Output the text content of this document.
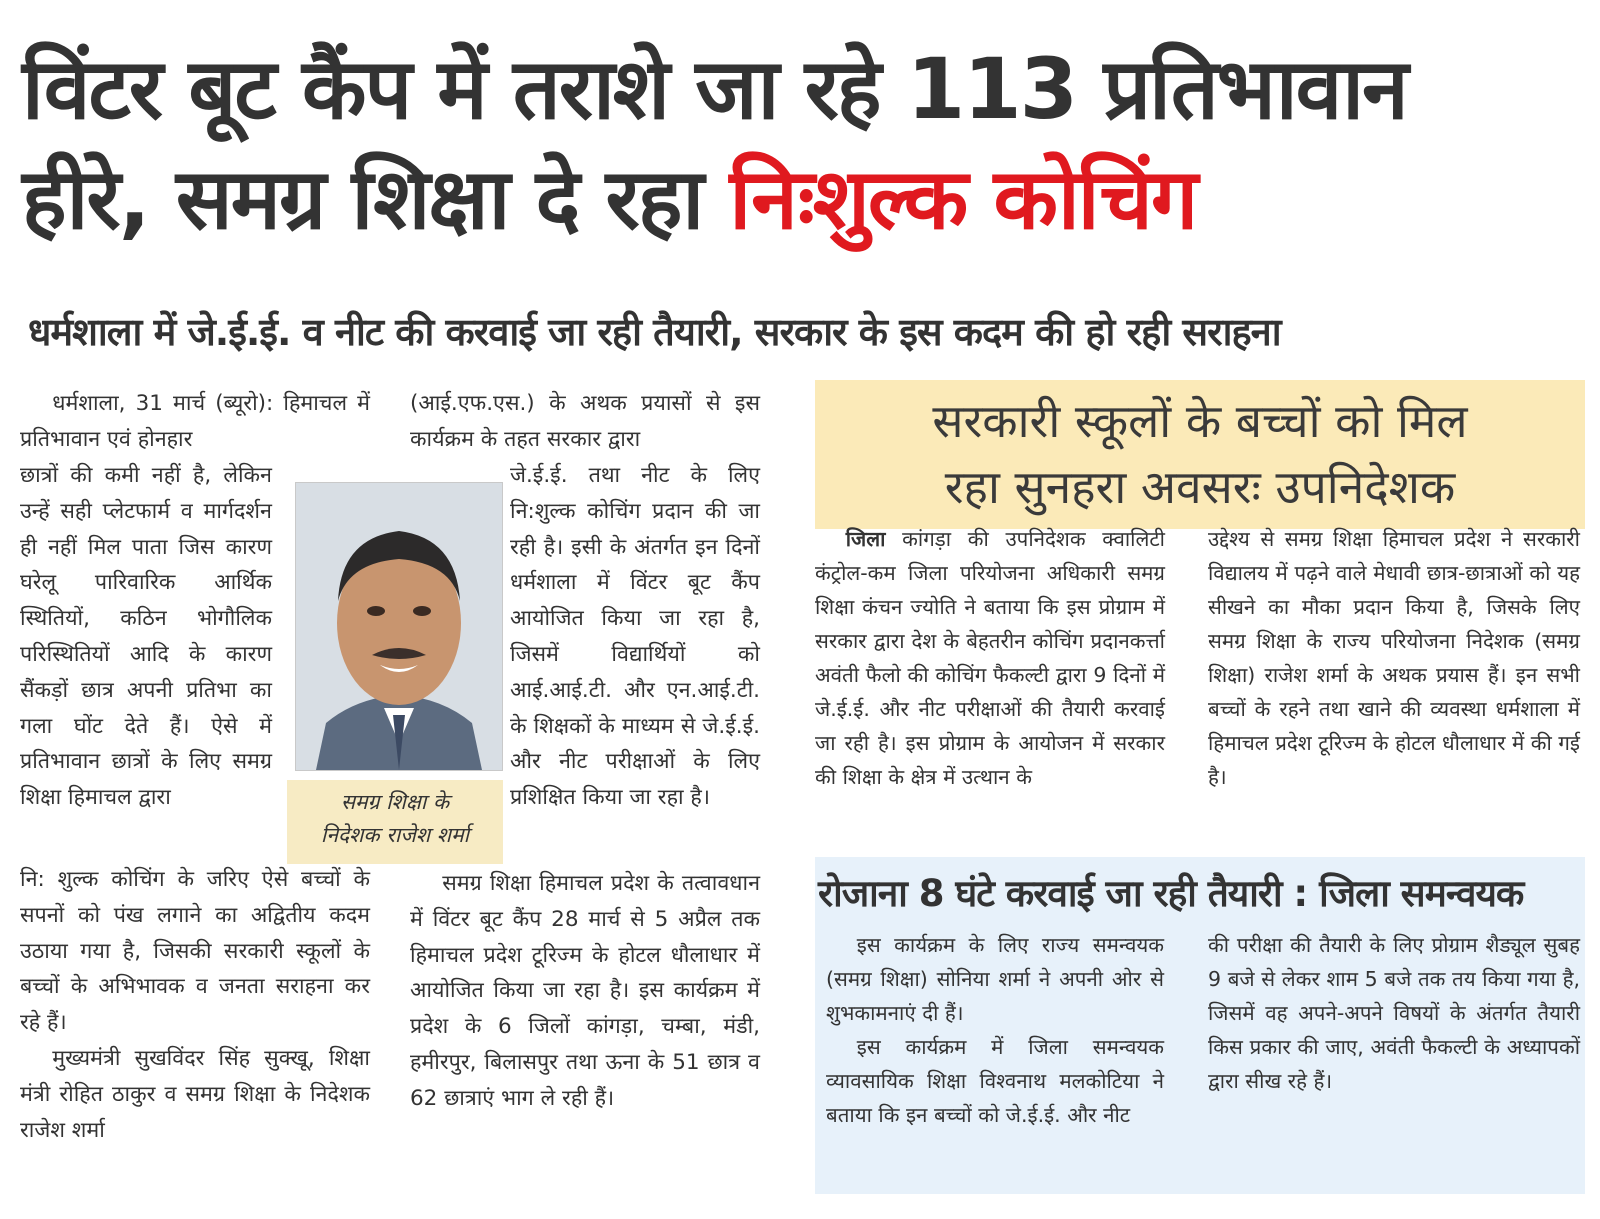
विंटर बूट कैंप में तराशे जा रहे 113 प्रतिभावान
हीरे, समग्र शिक्षा दे रहा निःशुल्क कोचिंग
धर्मशाला में जे.ई.ई. व नीट की करवाई जा रही तैयारी, सरकार के इस कदम की हो रही सराहना

धर्मशाला, 31 मार्च (ब्यूरो): हिमाचल में प्रतिभावान एवं होनहार

छात्रों की कमी नहीं है, लेकिन उन्हें सही प्लेटफार्म व मार्गदर्शन ही नहीं मिल पाता जिस कारण घरेलू पारिवारिक आर्थिक स्थितियों, कठिन भोगौलिक परिस्थितियों आदि के कारण सैंकड़ों छात्र अपनी प्रतिभा का गला घोंट देते हैं। ऐसे में प्रतिभावान छात्रों के लिए समग्र शिक्षा हिमाचल द्वारा

नि: शुल्क कोचिंग के जरिए ऐसे बच्चों के सपनों को पंख लगाने का अद्वितीय कदम उठाया गया है, जिसकी सरकारी स्कूलों के बच्चों के अभिभावक व जनता सराहना कर रहे हैं।

मुख्यमंत्री सुखविंदर सिंह सुक्खू, शिक्षा मंत्री रोहित ठाकुर व समग्र शिक्षा के निदेशक राजेश शर्मा

समग्र शिक्षा के
निदेशक राजेश शर्मा

(आई.एफ.एस.) के अथक प्रयासों से इस कार्यक्रम के तहत सरकार द्वारा

जे.ई.ई. तथा नीट के लिए नि:शुल्क कोचिंग प्रदान की जा रही है। इसी के अंतर्गत इन दिनों धर्मशाला में विंटर बूट कैंप आयोजित किया जा रहा है, जिसमें विद्यार्थियों को आई.आई.टी. और एन.आई.टी. के शिक्षकों के माध्यम से जे.ई.ई. और नीट परीक्षाओं के लिए प्रशिक्षित किया जा रहा है।

समग्र शिक्षा हिमाचल प्रदेश के तत्वावधान में विंटर बूट कैंप 28 मार्च से 5 अप्रैल तक हिमाचल प्रदेश टूरिज्म के होटल धौलाधार में आयोजित किया जा रहा है। इस कार्यक्रम में प्रदेश के 6 जिलों कांगड़ा, चम्बा, मंडी, हमीरपुर, बिलासपुर तथा ऊना के 51 छात्र व 62 छात्राएं भाग ले रही हैं।

सरकारी स्कूलों के बच्चों को मिल
रहा सुनहरा अवसरः उपनिदेशक

जिला कांगड़ा की उपनिदेशक क्वालिटी कंट्रोल-कम जिला परियोजना अधिकारी समग्र शिक्षा कंचन ज्योति ने बताया कि इस प्रोग्राम में सरकार द्वारा देश के बेहतरीन कोचिंग प्रदानकर्त्ता अवंती फैलो की कोचिंग फैकल्टी द्वारा 9 दिनों में जे.ई.ई. और नीट परीक्षाओं की तैयारी करवाई जा रही है। इस प्रोग्राम के आयोजन में सरकार की शिक्षा के क्षेत्र में उत्थान के

उद्देश्य से समग्र शिक्षा हिमाचल प्रदेश ने सरकारी विद्यालय में पढ़ने वाले मेधावी छात्र-छात्राओं को यह सीखने का मौका प्रदान किया है, जिसके लिए समग्र शिक्षा के राज्य परियोजना निदेशक (समग्र शिक्षा) राजेश शर्मा के अथक प्रयास हैं। इन सभी बच्चों के रहने तथा खाने की व्यवस्था धर्मशाला में हिमाचल प्रदेश टूरिज्म के होटल धौलाधार में की गई है।

रोजाना 8 घंटे करवाई जा रही तैयारी : जिला समन्वयक

इस कार्यक्रम के लिए राज्य समन्वयक (समग्र शिक्षा) सोनिया शर्मा ने अपनी ओर से शुभकामनाएं दी हैं।

इस कार्यक्रम में जिला समन्वयक व्यावसायिक शिक्षा विश्वनाथ मलकोटिया ने बताया कि इन बच्चों को जे.ई.ई. और नीट

की परीक्षा की तैयारी के लिए प्रोग्राम शैड्यूल सुबह 9 बजे से लेकर शाम 5 बजे तक तय किया गया है, जिसमें वह अपने-अपने विषयों के अंतर्गत तैयारी किस प्रकार की जाए, अवंती फैकल्टी के अध्यापकों द्वारा सीख रहे हैं।
